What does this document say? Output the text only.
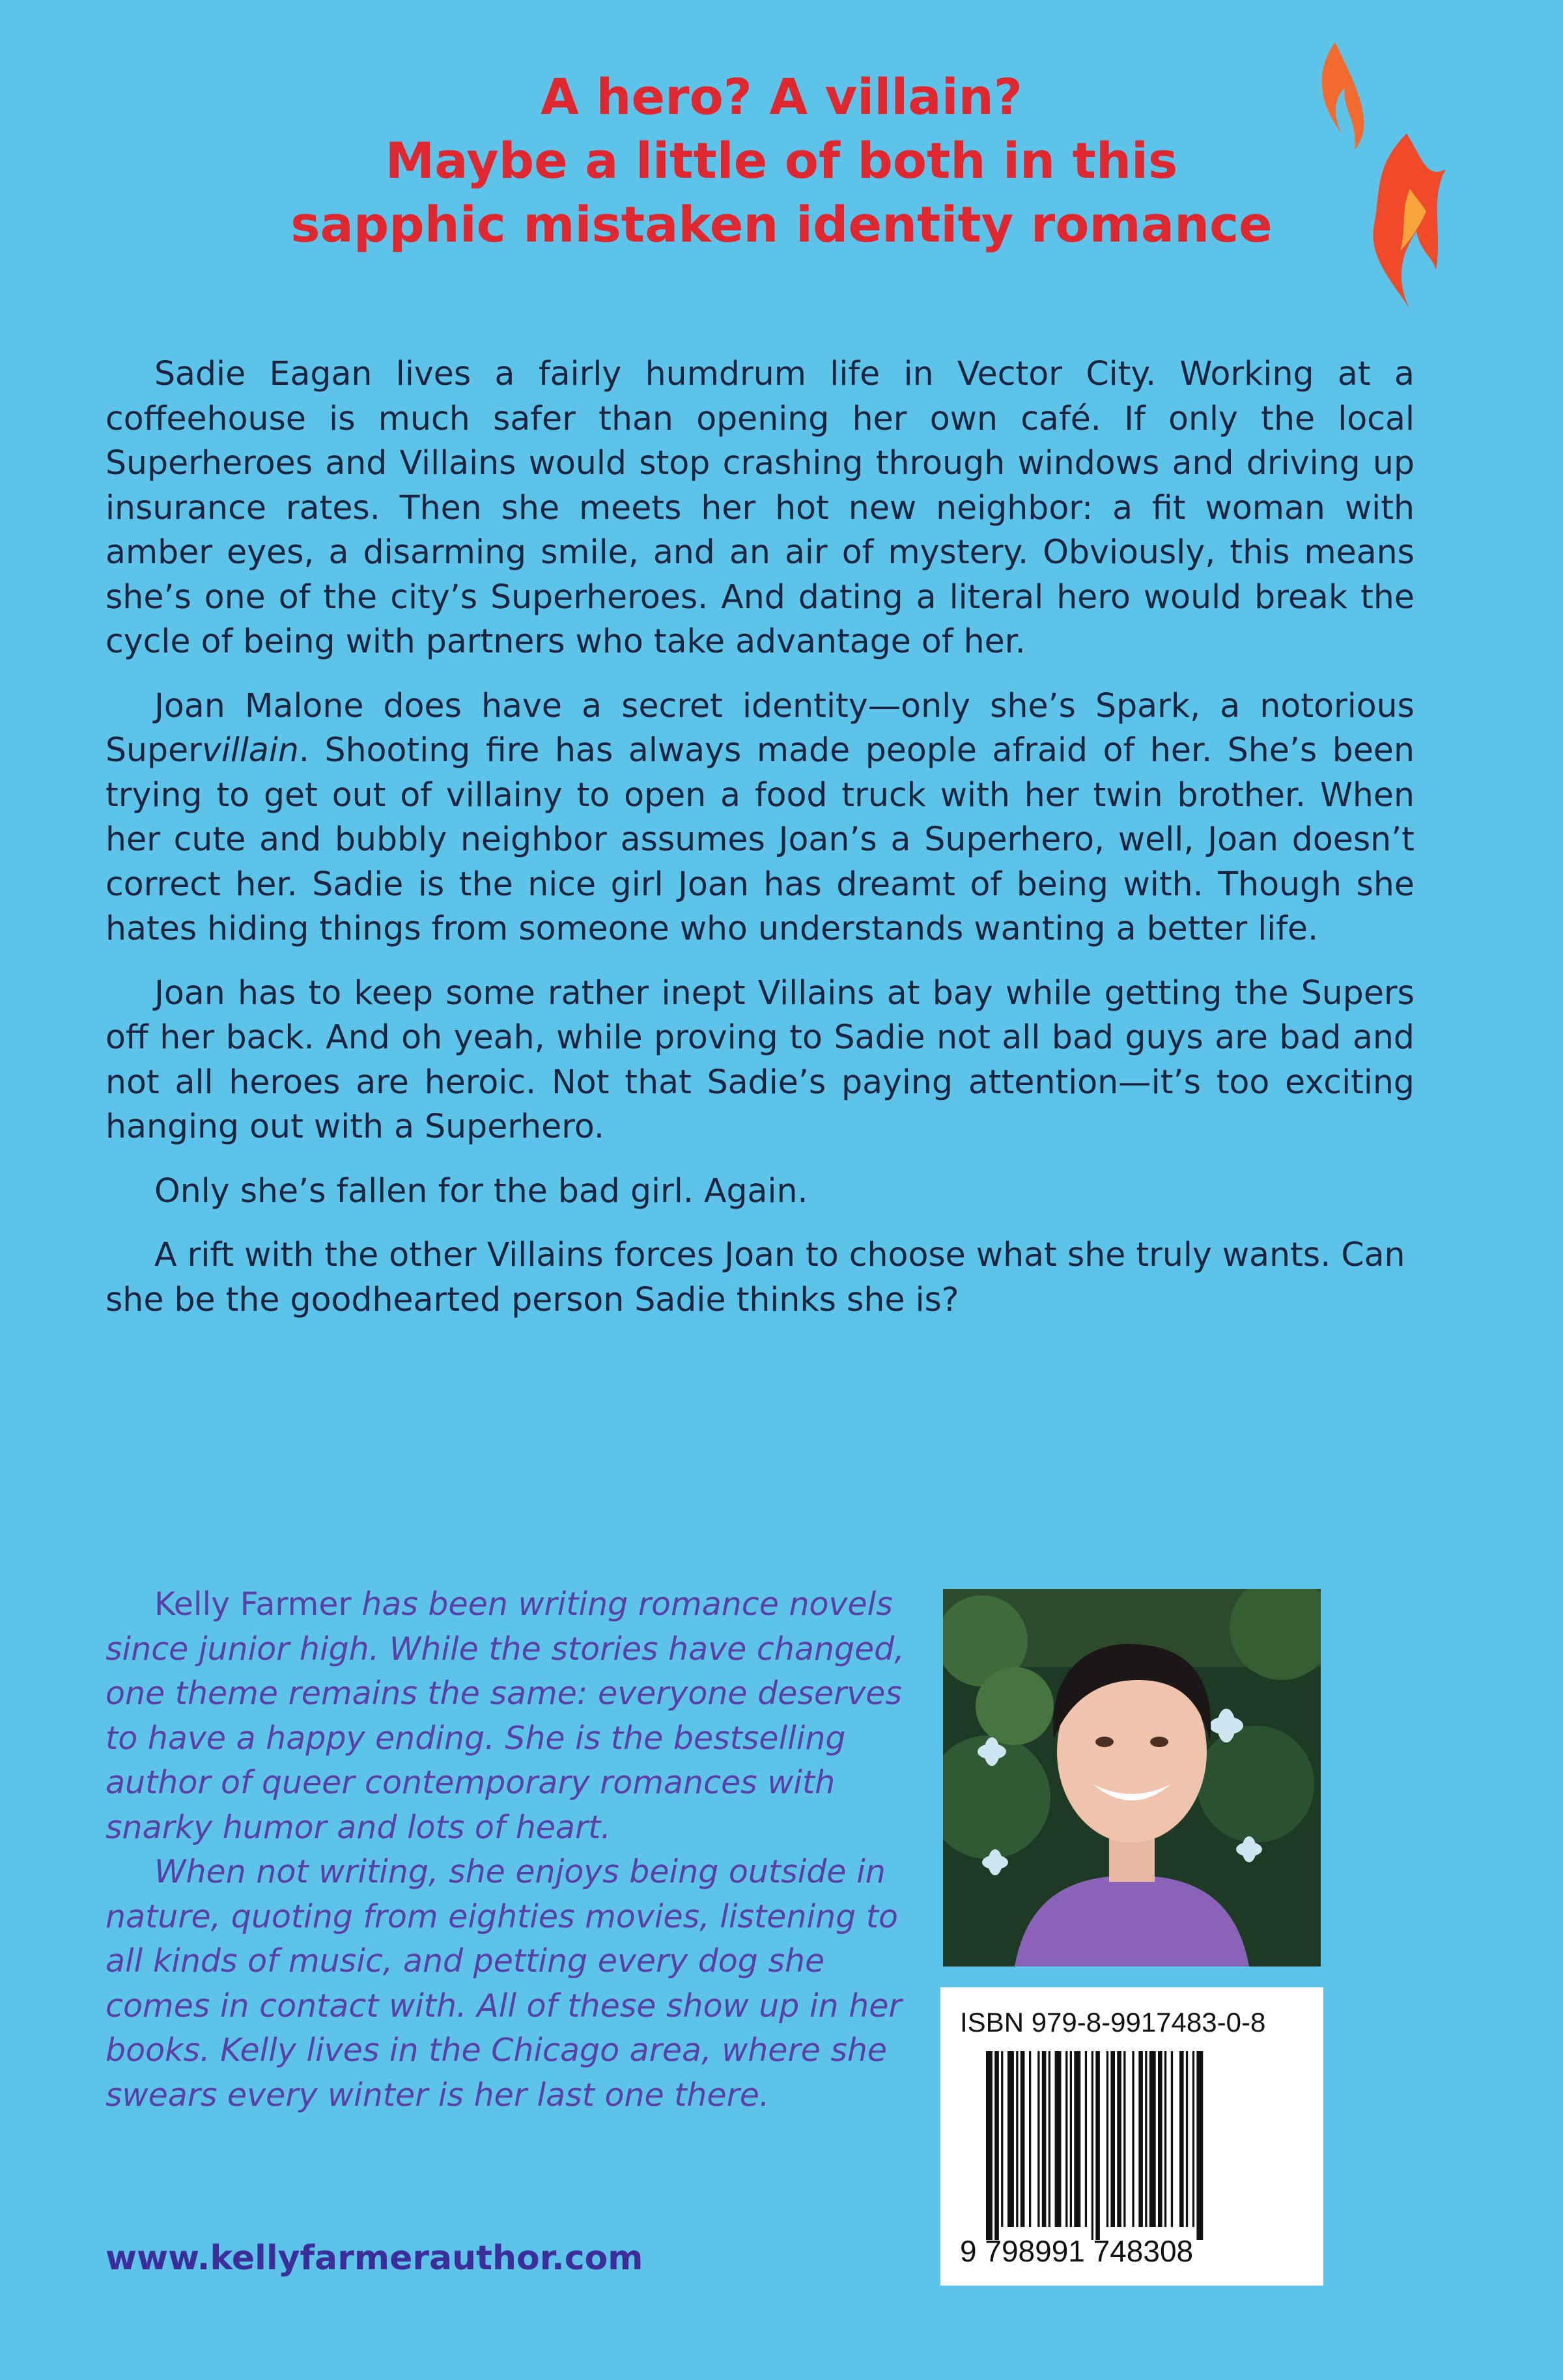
A hero? A villain?
Maybe a little of both in this
sapphic mistaken identity romance

Sadie Eagan lives a fairly humdrum life in Vector City. Working at a coffeehouse is much safer than opening her own café. If only the local Superheroes and Villains would stop crashing through windows and driving up insurance rates. Then she meets her hot new neighbor: a fit woman with amber eyes, a disarming smile, and an air of mystery. Obviously, this means she’s one of the city’s Superheroes. And dating a literal hero would break the cycle of being with partners who take advantage of her.

Joan Malone does have a secret identity—only she’s Spark, a notorious Supervillain. Shooting fire has always made people afraid of her. She’s been trying to get out of villainy to open a food truck with her twin brother. When her cute and bubbly neighbor assumes Joan’s a Superhero, well, Joan doesn’t correct her. Sadie is the nice girl Joan has dreamt of being with. Though she hates hiding things from someone who understands wanting a better life.

Joan has to keep some rather inept Villains at bay while getting the Supers off her back. And oh yeah, while proving to Sadie not all bad guys are bad and not all heroes are heroic. Not that Sadie’s paying attention—it’s too exciting hanging out with a Superhero.

Only she’s fallen for the bad girl. Again.

A rift with the other Villains forces Joan to choose what she truly wants. Can she be the goodhearted person Sadie thinks she is?

Kelly Farmer has been writing romance novels since junior high. While the stories have changed, one theme remains the same: everyone deserves to have a happy ending. She is the bestselling author of queer contemporary romances with snarky humor and lots of heart.

When not writing, she enjoys being outside in nature, quoting from eighties movies, listening to all kinds of music, and petting every dog she comes in contact with. All of these show up in her books. Kelly lives in the Chicago area, where she swears every winter is her last one there.

www.kellyfarmerauthor.com
ISBN 979-8-9917483-0-8
9 798991 748308
